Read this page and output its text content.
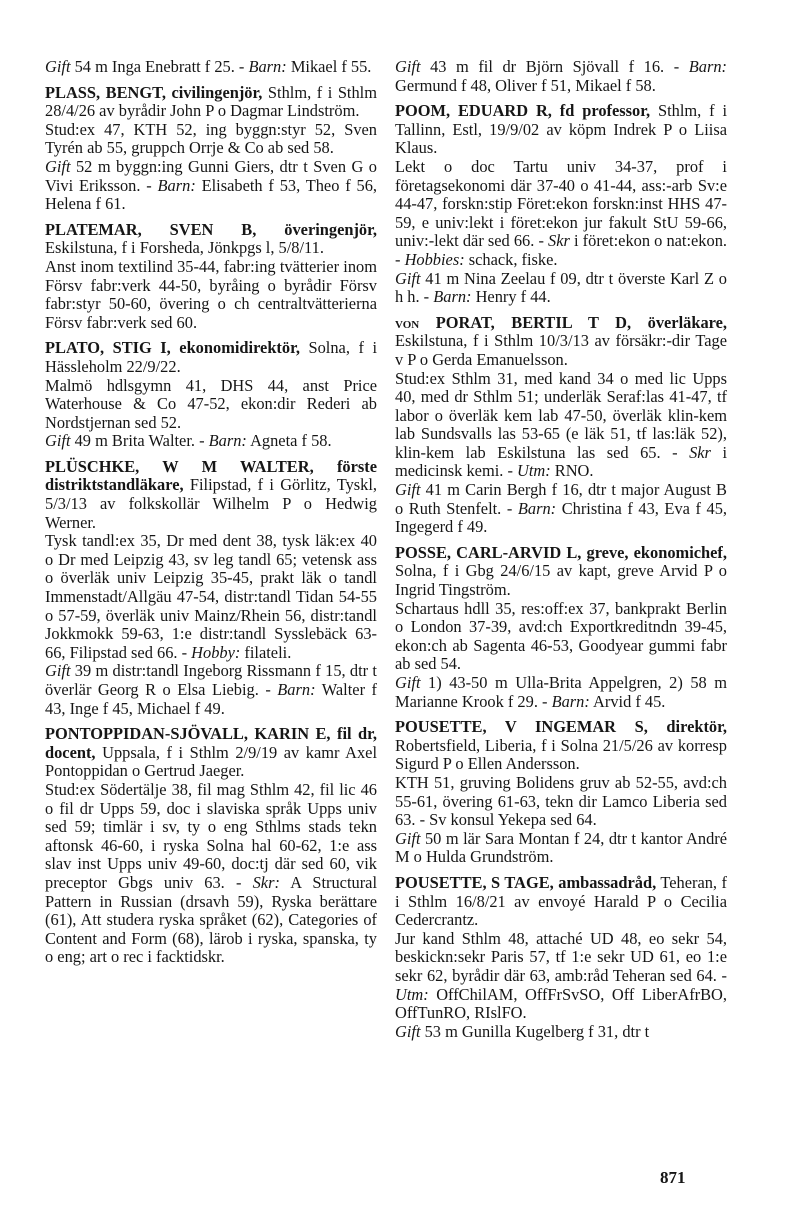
Gift 54 m Inga Enebratt f 25. - Barn: Mikael f 55.

PLASS, BENGT, civilingenjör, Sthlm, f i Sthlm 28/4/26 av byrådir John P o Dagmar Lindström.

Stud:ex 47, KTH 52, ing byggn:styr 52, Sven Tyrén ab 55, gruppch Orrje & Co ab sed 58.

Gift 52 m byggn:ing Gunni Giers, dtr t Sven G o Vivi Eriksson. - Barn: Elisabeth f 53, Theo f 56, Helena f 61.

PLATEMAR, SVEN B, överingenjör, Eskilstuna, f i Forsheda, Jönkpgs l, 5/8/11.

Anst inom textilind 35-44, fabr:ing tvätterier inom Försv fabr:verk 44-50, byråing o byrådir Försv fabr:styr 50-60, övering o ch centraltvätterierna Försv fabr:verk sed 60.

PLATO, STIG I, ekonomidirektör, Solna, f i Hässleholm 22/9/22.

Malmö hdlsgymn 41, DHS 44, anst Price Waterhouse & Co 47-52, ekon:dir Rederi ab Nordstjernan sed 52.

Gift 49 m Brita Walter. - Barn: Agneta f 58.

PLÜSCHKE, W M WALTER, förste distriktstandläkare, Filipstad, f i Görlitz, Tyskl, 5/3/13 av folkskollär Wilhelm P o Hedwig Werner.

Tysk tandl:ex 35, Dr med dent 38, tysk läk:ex 40 o Dr med Leipzig 43, sv leg tandl 65; vetensk ass o överläk univ Leipzig 35-45, prakt läk o tandl Immenstadt/Allgäu 47-54, distr:tandl Tidan 54-55 o 57-59, överläk univ Mainz/Rhein 56, distr:tandl Jokkmokk 59-63, 1:e distr:tandl Sysslebäck 63-66, Filipstad sed 66. - Hobby: filateli.

Gift 39 m distr:tandl Ingeborg Rissmann f 15, dtr t överlär Georg R o Elsa Liebig. - Barn: Walter f 43, Inge f 45, Michael f 49.

PONTOPPIDAN-SJÖVALL, KARIN E, fil dr, docent, Uppsala, f i Sthlm 2/9/19 av kamr Axel Pontoppidan o Gertrud Jaeger.

Stud:ex Södertälje 38, fil mag Sthlm 42, fil lic 46 o fil dr Upps 59, doc i slaviska språk Upps univ sed 59; timlär i sv, ty o eng Sthlms stads tekn aftonsk 46-60, i ryska Solna hal 60-62, 1:e ass slav inst Upps univ 49-60, doc:tj där sed 60, vik preceptor Gbgs univ 63. - Skr: A Structural Pattern in Russian (drsavh 59), Ryska berättare (61), Att studera ryska språket (62), Categories of Content and Form (68), lärob i ryska, spanska, ty o eng; art o rec i facktidskr.

Gift 43 m fil dr Björn Sjövall f 16. - Barn: Germund f 48, Oliver f 51, Mikael f 58.

POOM, EDUARD R, fd professor, Sthlm, f i Tallinn, Estl, 19/9/02 av köpm Indrek P o Liisa Klaus.

Lekt o doc Tartu univ 34-37, prof i företagsekonomi där 37-40 o 41-44, ass:-arb Sv:e 44-47, forskn:stip Föret:ekon forskn:inst HHS 47-59, e univ:lekt i föret:ekon jur fakult StU 59-66, univ:-lekt där sed 66. - Skr i föret:ekon o nat:ekon. - Hobbies: schack, fiske.

Gift 41 m Nina Zeelau f 09, dtr t överste Karl Z o h h. - Barn: Henry f 44.

von PORAT, BERTIL T D, överläkare, Eskilstuna, f i Sthlm 10/3/13 av försäkr:-dir Tage v P o Gerda Emanuelsson.

Stud:ex Sthlm 31, med kand 34 o med lic Upps 40, med dr Sthlm 51; underläk Seraf:las 41-47, tf labor o överläk kem lab 47-50, överläk klin-kem lab Sundsvalls las 53-65 (e läk 51, tf las:läk 52), klin-kem lab Eskilstuna las sed 65. - Skr i medicinsk kemi. - Utm: RNO.

Gift 41 m Carin Bergh f 16, dtr t major August B o Ruth Stenfelt. - Barn: Christina f 43, Eva f 45, Ingegerd f 49.

POSSE, CARL-ARVID L, greve, ekonomichef, Solna, f i Gbg 24/6/15 av kapt, greve Arvid P o Ingrid Tingström.

Schartaus hdll 35, res:off:ex 37, bankprakt Berlin o London 37-39, avd:ch Exportkreditndn 39-45, ekon:ch ab Sagenta 46-53, Goodyear gummi fabr ab sed 54.

Gift 1) 43-50 m Ulla-Brita Appelgren, 2) 58 m Marianne Krook f 29. - Barn: Arvid f 45.

POUSETTE, V INGEMAR S, direktör, Robertsfield, Liberia, f i Solna 21/5/26 av korresp Sigurd P o Ellen Andersson.

KTH 51, gruving Bolidens gruv ab 52-55, avd:ch 55-61, övering 61-63, tekn dir Lamco Liberia sed 63. - Sv konsul Yekepa sed 64.

Gift 50 m lär Sara Montan f 24, dtr t kantor André M o Hulda Grundström.

POUSETTE, S TAGE, ambassadråd, Teheran, f i Sthlm 16/8/21 av envoyé Harald P o Cecilia Cedercrantz.

Jur kand Sthlm 48, attaché UD 48, eo sekr 54, beskickn:sekr Paris 57, tf 1:e sekr UD 61, eo 1:e sekr 62, byrådir där 63, amb:råd Teheran sed 64. - Utm: OffChilAM, OffFrSvSO, Off LiberAfrBO, OffTunRO, RIslFO.

Gift 53 m Gunilla Kugelberg f 31, dtr t

871
